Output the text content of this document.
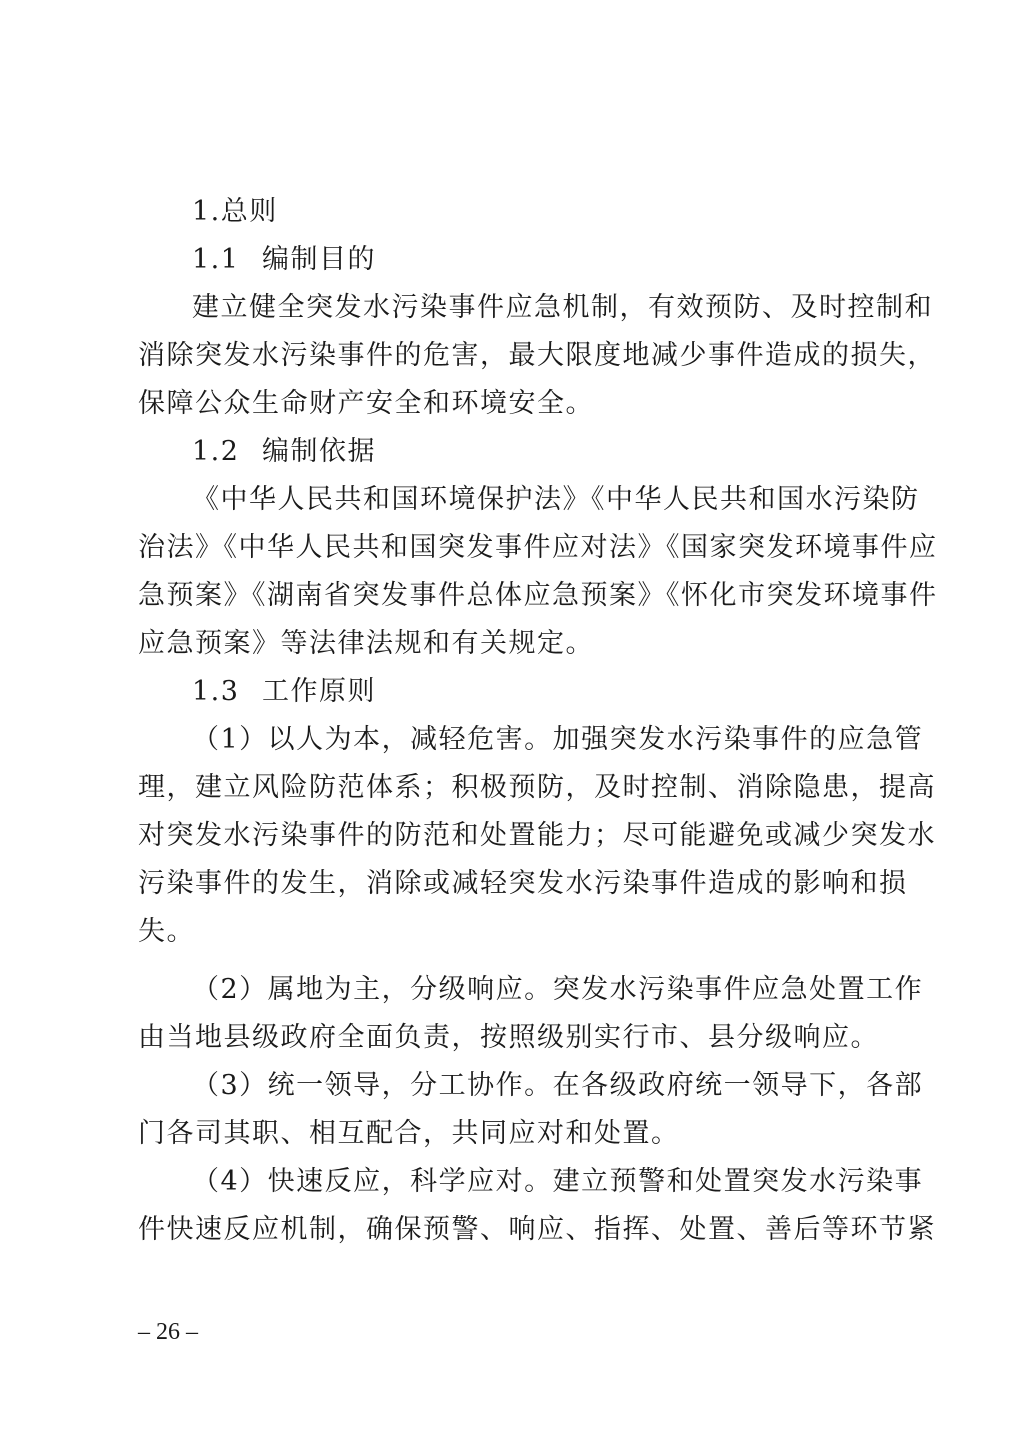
1.总则
1.1 编制目的
建立健全突发水污染事件应急机制，有效预防、及时控制和
消除突发水污染事件的危害，最大限度地减少事件造成的损失，
保障公众生命财产安全和环境安全。
1.2 编制依据
《中华人民共和国环境保护法》《中华人民共和国水污染防
治法》《中华人民共和国突发事件应对法》《国家突发环境事件应
急预案》《湖南省突发事件总体应急预案》《怀化市突发环境事件
应急预案》等法律法规和有关规定。
1.3 工作原则
（1）以人为本，减轻危害。加强突发水污染事件的应急管
理，建立风险防范体系；积极预防，及时控制、消除隐患，提高
对突发水污染事件的防范和处置能力；尽可能避免或减少突发水
污染事件的发生，消除或减轻突发水污染事件造成的影响和损
失。
（2）属地为主，分级响应。突发水污染事件应急处置工作
由当地县级政府全面负责，按照级别实行市、县分级响应。
（3）统一领导，分工协作。在各级政府统一领导下，各部
门各司其职、相互配合，共同应对和处置。
（4）快速反应，科学应对。建立预警和处置突发水污染事
件快速反应机制，确保预警、响应、指挥、处置、善后等环节紧
– 26 –
